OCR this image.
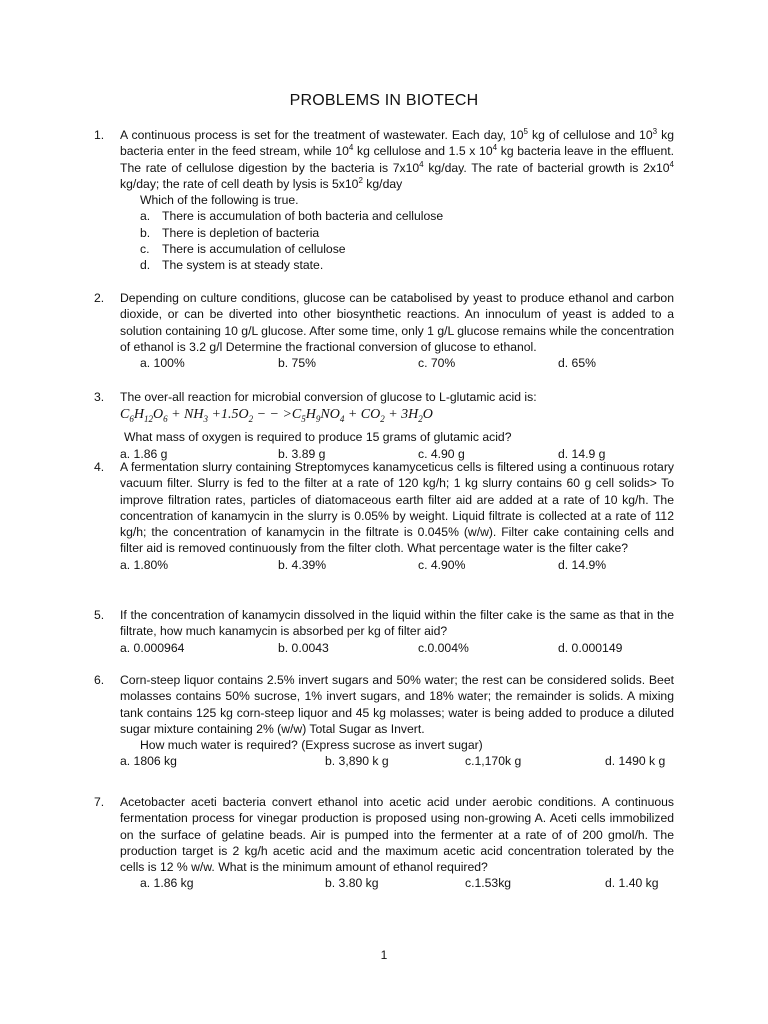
PROBLEMS IN BIOTECH
1. A continuous process is set for the treatment of wastewater. Each day, $10^5$ kg of cellulose and $10^3$ kg bacteria enter in the feed stream, while $10^4$ kg cellulose and 1.5 x $10^4$ kg bacteria leave in the effluent. The rate of cellulose digestion by the bacteria is $7x10^4$ kg/day. The rate of bacterial growth is $2x10^4$ kg/day; the rate of cell death by lysis is $5x10^2$ kg/day
Which of the following is true.
a. There is accumulation of both bacteria and cellulose
b. There is depletion of bacteria
c. There is accumulation of cellulose
d. The system is at steady state.
2. Depending on culture conditions, glucose can be catabolised by yeast to produce ethanol and carbon dioxide, or can be diverted into other biosynthetic reactions. An innoculum of yeast is added to a solution containing 10 g/L glucose. After some time, only 1 g/L glucose remains while the concentration of ethanol is 3.2 g/l Determine the fractional conversion of glucose to ethanol.
a. 100%	b. 75%	c. 70%	d. 65%
3. The over-all reaction for microbial conversion of glucose to L-glutamic acid is:
$C_6H_{12}O_6 + NH_3 +1.5O_2$ − − $>C_5H_9NO_4 + CO_2 + 3H_2O$
What mass of oxygen is required to produce 15 grams of glutamic acid?
a. 1.86 g	b. 3.89 g	c. 4.90 g	d. 14.9 g
4. A fermentation slurry containing Streptomyces kanamyceticus cells is filtered using a continuous rotary vacuum filter. Slurry is fed to the filter at a rate of 120 kg/h; 1 kg slurry contains 60 g cell solids> To improve filtration rates, particles of diatomaceous earth filter aid are added at a rate of 10 kg/h. The concentration of kanamycin in the slurry is 0.05% by weight. Liquid filtrate is collected at a rate of 112 kg/h; the concentration of kanamycin in the filtrate is 0.045% (w/w). Filter cake containing cells and filter aid is removed continuously from the filter cloth. What percentage water is the filter cake?
a. 1.80%	b. 4.39%	c. 4.90%	d. 14.9%
5. If the concentration of kanamycin dissolved in the liquid within the filter cake is the same as that in the filtrate, how much kanamycin is absorbed per kg of filter aid?
a. 0.000964	b. 0.0043	c.0.004%	d. 0.000149
6. Corn-steep liquor contains 2.5% invert sugars and 50% water; the rest can be considered solids. Beet molasses contains 50% sucrose, 1% invert sugars, and 18% water; the remainder is solids. A mixing tank contains 125 kg corn-steep liquor and 45 kg molasses; water is being added to produce a diluted sugar mixture containing 2% (w/w) Total Sugar as Invert.
How much water is required? (Express sucrose as invert sugar)
a. 1806 kg	b. 3,890 k g	c.1,170k g	d. 1490 k g
7. Acetobacter aceti bacteria convert ethanol into acetic acid under aerobic conditions. A continuous fermentation process for vinegar production is proposed using non-growing A. Aceti cells immobilized on the surface of gelatine beads. Air is pumped into the fermenter at a rate of of 200 gmol/h. The production target is 2 kg/h acetic acid and the maximum acetic acid concentration tolerated by the cells is 12 % w/w. What is the minimum amount of ethanol required?
a. 1.86 kg	b. 3.80 kg	c.1.53kg	d. 1.40 kg
1
